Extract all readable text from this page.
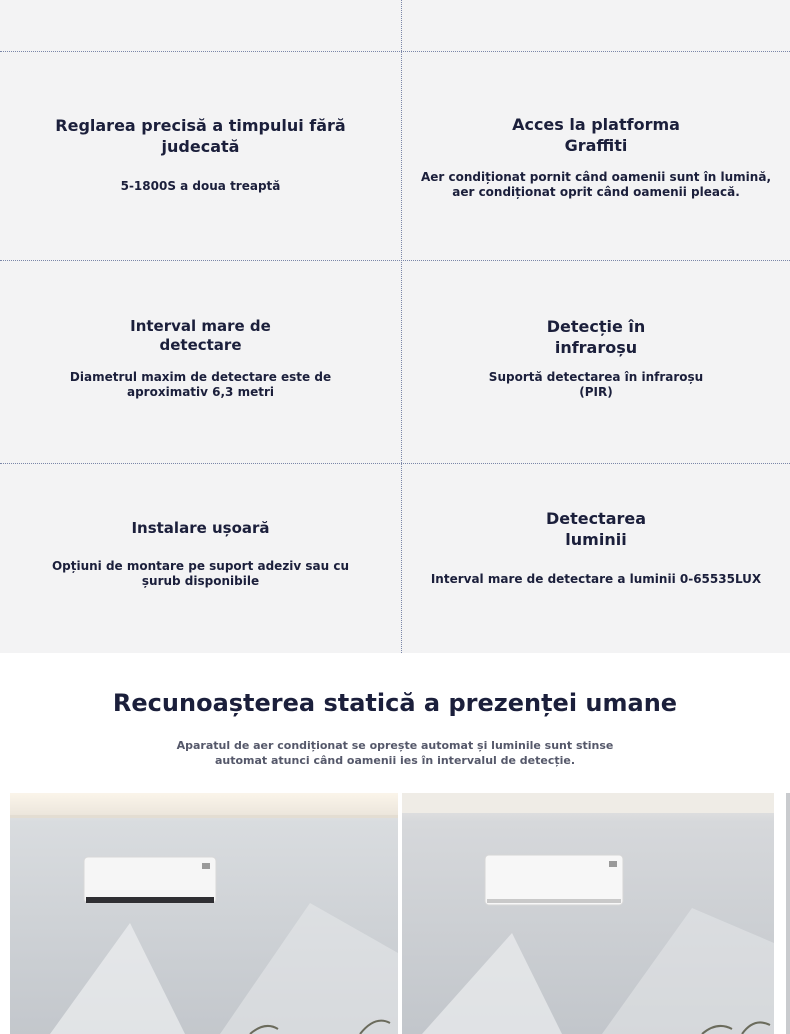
Reglarea precisă a timpului fără
judecată
5-1800S a doua treaptă
Acces la platforma
Graffiti
Aer condiționat pornit când oamenii sunt în lumină,
aer condiționat oprit când oamenii pleacă.
Interval mare de
detectare
Diametrul maxim de detectare este de
aproximativ 6,3 metri
Detecție în
infraroșu
Suportă detectarea în infraroșu
(PIR)
Instalare ușoară
Opțiuni de montare pe suport adeziv sau cu
șurub disponibile
Detectarea
luminii
Interval mare de detectare a luminii 0-65535LUX
Recunoașterea statică a prezenței umane
Aparatul de aer condiționat se oprește automat și luminile sunt stinse
automat atunci când oamenii ies în intervalul de detecție.
